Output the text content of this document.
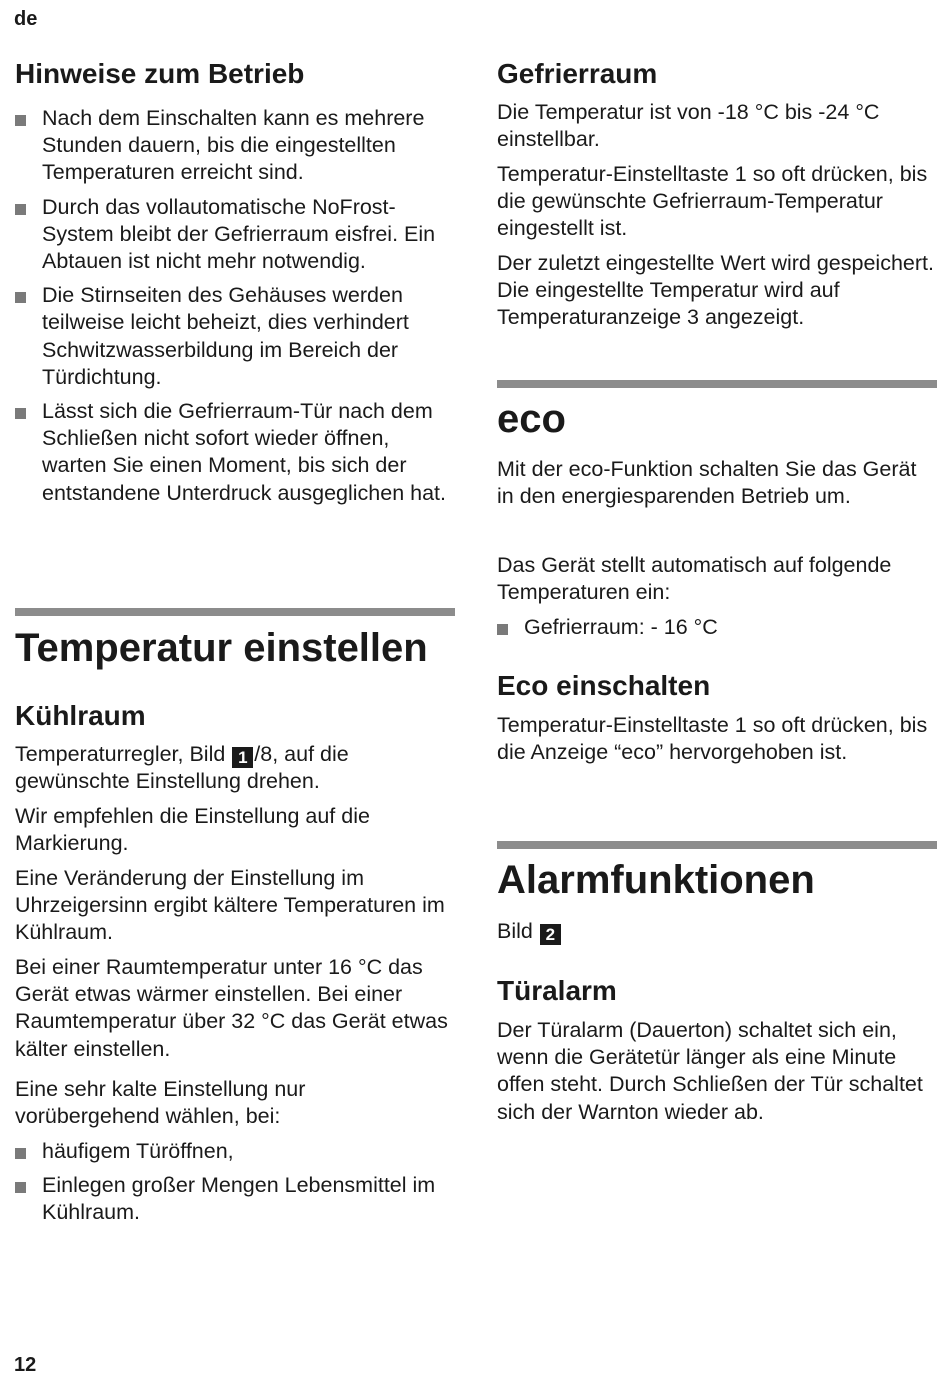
de
Hinweise zum Betrieb
Nach dem Einschalten kann es mehrere Stunden dauern, bis die eingestellten Temperaturen erreicht sind.
Durch das vollautomatische NoFrost-System bleibt der Gefrierraum eisfrei. Ein Abtauen ist nicht mehr notwendig.
Die Stirnseiten des Gehäuses werden teilweise leicht beheizt, dies verhindert Schwitzwasserbildung im Bereich der Türdichtung.
Lässt sich die Gefrierraum-Tür nach dem Schließen nicht sofort wieder öffnen, warten Sie einen Moment, bis sich der entstandene Unterdruck ausgeglichen hat.
Temperatur einstellen
Kühlraum

Temperaturregler, Bild 1 /8, auf die gewünschte Einstellung drehen.

Wir empfehlen die Einstellung auf die Markierung.

Eine Veränderung der Einstellung im Uhrzeigersinn ergibt kältere Temperaturen im Kühlraum.

Bei einer Raumtemperatur unter 16 °C das Gerät etwas wärmer einstellen. Bei einer Raumtemperatur über 32 °C das Gerät etwas kälter einstellen.

Eine sehr kalte Einstellung nur vorübergehend wählen, bei:

häufigem Türöffnen,
Einlegen großer Mengen Lebensmittel im Kühlraum.
Gefrierraum

Die Temperatur ist von -18 °C bis -24 °C einstellbar.

Temperatur-Einstelltaste 1 so oft drücken, bis die gewünschte Gefrierraum-Temperatur eingestellt ist.

Der zuletzt eingestellte Wert wird gespeichert. Die eingestellte Temperatur wird auf Temperaturanzeige 3 angezeigt.

eco

Mit der eco-Funktion schalten Sie das Gerät in den energiesparenden Betrieb um.

Das Gerät stellt automatisch auf folgende Temperaturen ein:

Gefrierraum: - 16 °C
Eco einschalten

Temperatur-Einstelltaste 1 so oft drücken, bis die Anzeige “eco” hervorgehoben ist.

Alarmfunktionen

Bild 2

Türalarm

Der Türalarm (Dauerton) schaltet sich ein, wenn die Gerätetür länger als eine Minute offen steht. Durch Schließen der Tür schaltet sich der Warnton wieder ab.

12
